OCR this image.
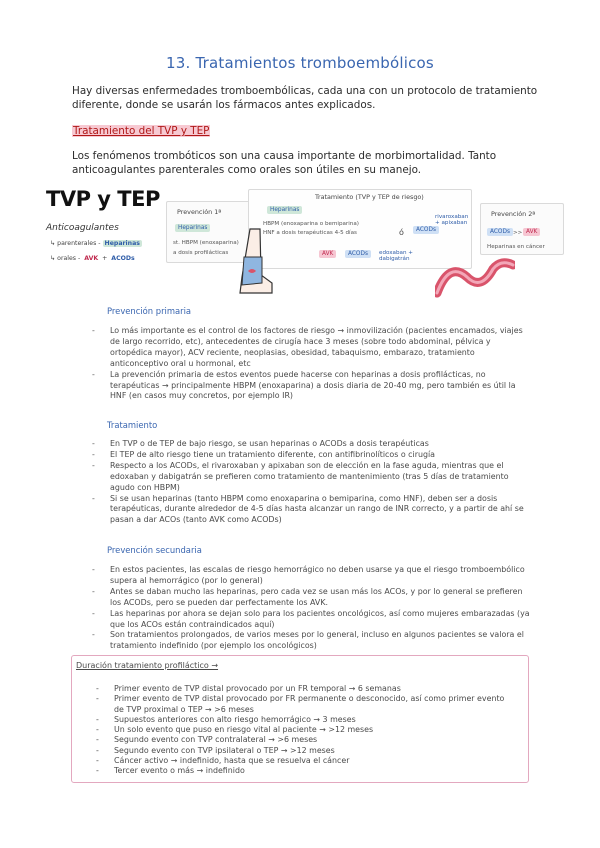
13. Tratamientos tromboembólicos
Hay diversas enfermedades tromboembólicas, cada una con un protocolo de tratamiento diferente, donde se usarán los fármacos antes explicados.
Tratamiento del TVP y TEP
Los fenómenos trombóticos son una causa importante de morbimortalidad. Tanto anticoagulantes parenterales como orales son útiles en su manejo.
TVP y TEP
Anticoagulantes
↳ parenterales - Heparinas
↳ orales - AVK + ACODs
Prevención 1ª
Heparinas
st. HBPM (enoxaparina)
a dosis profilácticas
Tratamiento (TVP y TEP de riesgo)
Heparinas
HBPM (enoxaparina o bemiparina)
HNF a dosis terapéuticas 4-5 días	ó	ACODs
AVK	ACODs	edoxaban + dabigatrán
rivaroxaban + apixaban
Prevención 2ª
ACODs >> AVK
Heparinas en cáncer
Prevención primaria
- Lo más importante es el control de los factores de riesgo → inmovilización (pacientes encamados, viajes de largo recorrido, etc), antecedentes de cirugía hace 3 meses (sobre todo abdominal, pélvica y ortopédica mayor), ACV reciente, neoplasias, obesidad, tabaquismo, embarazo, tratamiento anticonceptivo oral u hormonal, etc
- La prevención primaria de estos eventos puede hacerse con heparinas a dosis profilácticas, no terapéuticas → principalmente HBPM (enoxaparina) a dosis diaria de 20-40 mg, pero también es útil la HNF (en casos muy concretos, por ejemplo IR)
Tratamiento
- En TVP o de TEP de bajo riesgo, se usan heparinas o ACODs a dosis terapéuticas
- El TEP de alto riesgo tiene un tratamiento diferente, con antifibrinolíticos o cirugía
- Respecto a los ACODs, el rivaroxaban y apixaban son de elección en la fase aguda, mientras que el edoxaban y dabigatrán se prefieren como tratamiento de mantenimiento (tras 5 días de tratamiento agudo con HBPM)
- Si se usan heparinas (tanto HBPM como enoxaparina o bemiparina, como HNF), deben ser a dosis terapéuticas, durante alrededor de 4-5 días hasta alcanzar un rango de INR correcto, y a partir de ahí se pasan a dar ACOs (tanto AVK como ACODs)
Prevención secundaria
- En estos pacientes, las escalas de riesgo hemorrágico no deben usarse ya que el riesgo tromboembólico supera al hemorrágico (por lo general)
- Antes se daban mucho las heparinas, pero cada vez se usan más los ACOs, y por lo general se prefieren los ACODs, pero se pueden dar perfectamente los AVK.
- Las heparinas por ahora se dejan solo para los pacientes oncológicos, así como mujeres embarazadas (ya que los ACOs están contraindicados aquí)
- Son tratamientos prolongados, de varios meses por lo general, incluso en algunos pacientes se valora el tratamiento indefinido (por ejemplo los oncológicos)
Duración tratamiento profiláctico →
- Primer evento de TVP distal provocado por un FR temporal → 6 semanas
- Primer evento de TVP distal provocado por FR permanente o desconocido, así como primer evento de TVP proximal o TEP → >6 meses
- Supuestos anteriores con alto riesgo hemorrágico → 3 meses
- Un solo evento que puso en riesgo vital al paciente → >12 meses
- Segundo evento con TVP contralateral → >6 meses
- Segundo evento con TVP ipsilateral o TEP → >12 meses
- Cáncer activo → indefinido, hasta que se resuelva el cáncer
- Tercer evento o más → indefinido
